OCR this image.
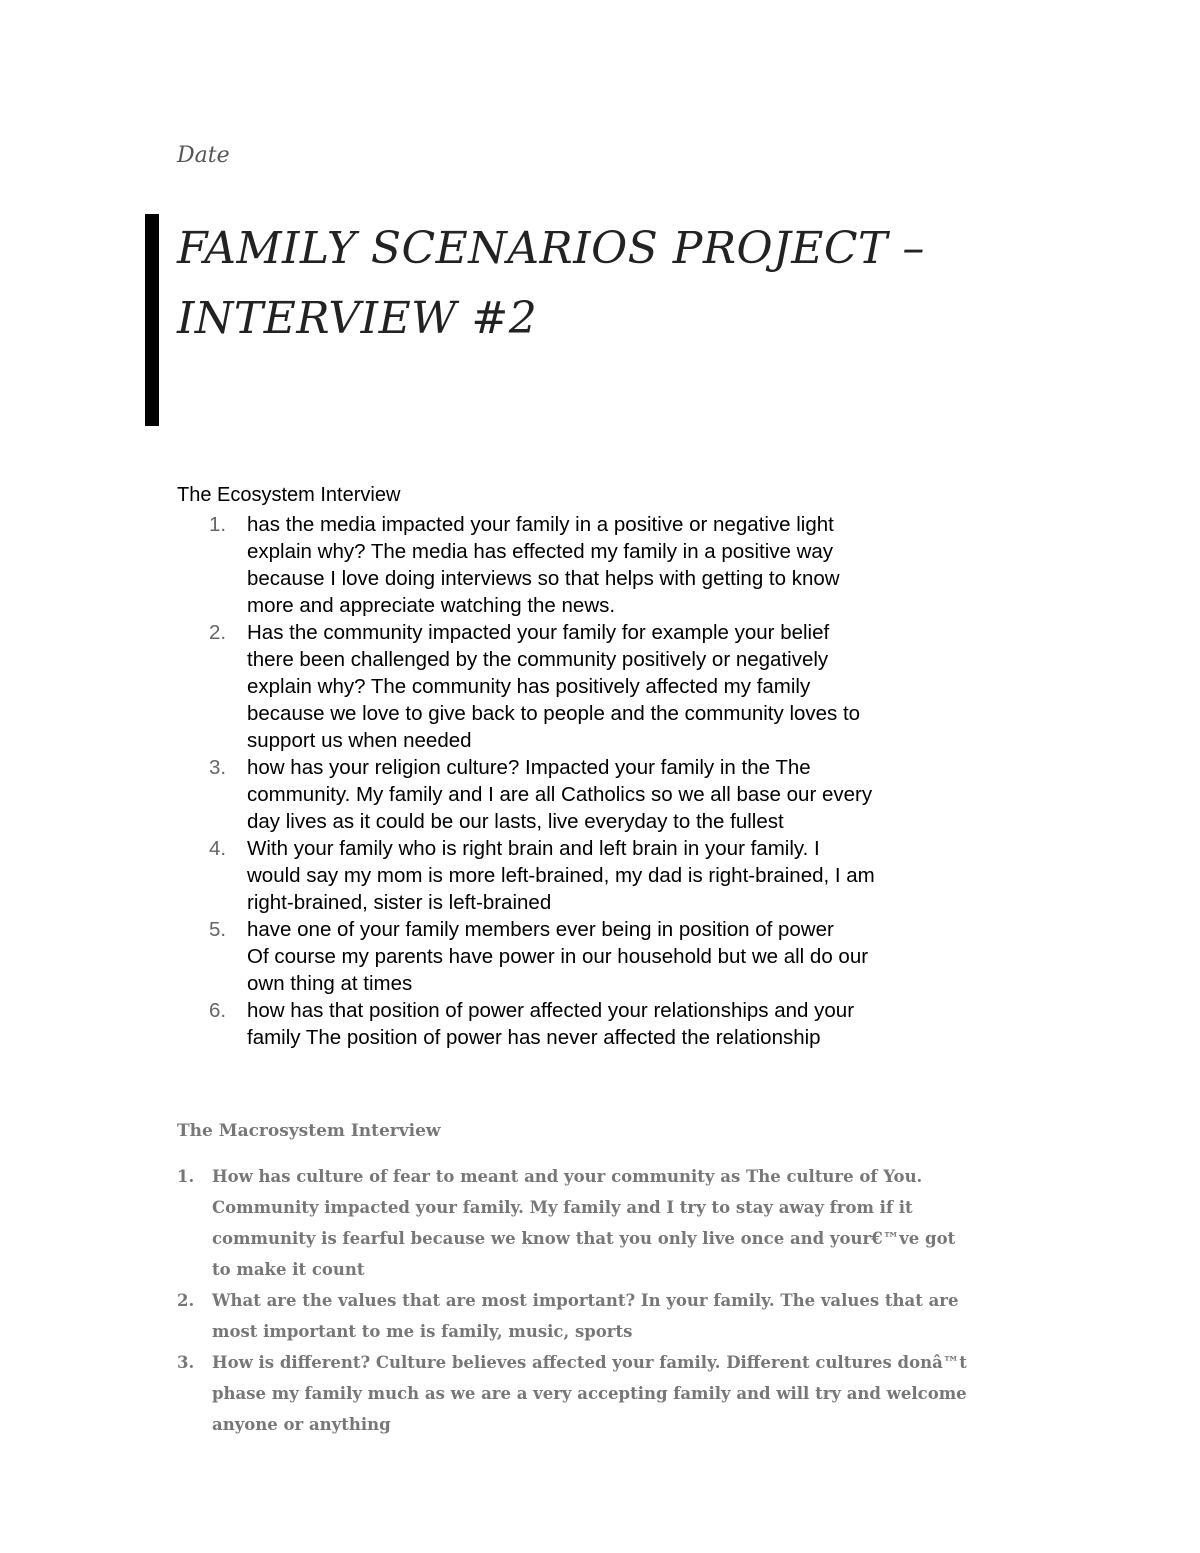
Date
FAMILY SCENARIOS PROJECT –
INTERVIEW #2
The Ecosystem Interview
1. has the media impacted your family in a positive or negative light
explain why? The media has effected my family in a positive way
because I love doing interviews so that helps with getting to know
more and appreciate watching the news.
2. Has the community impacted your family for example your belief
there been challenged by the community positively or negatively
explain why? The community has positively affected my family
because we love to give back to people and the community loves to
support us when needed
3. how has your religion culture? Impacted your family in the The
community. My family and I are all Catholics so we all base our every
day lives as it could be our lasts, live everyday to the fullest
4. With your family who is right brain and left brain in your family. I
would say my mom is more left-brained, my dad is right-brained, I am
right-brained, sister is left-brained
5. have one of your family members ever being in position of power
Of course my parents have power in our household but we all do our
own thing at times
6. how has that position of power affected your relationships and your
family The position of power has never affected the relationship
The Macrosystem Interview
1. How has culture of fear to meant and your community as The culture of You.
Community impacted your family. My family and I try to stay away from if it
community is fearful because we know that you only live once and your€™ve got
to make it count
2. What are the values that are most important? In your family. The values that are
most important to me is family, music, sports
3. How is different? Culture believes affected your family. Different cultures donâ™t
phase my family much as we are a very accepting family and will try and welcome
anyone or anything
